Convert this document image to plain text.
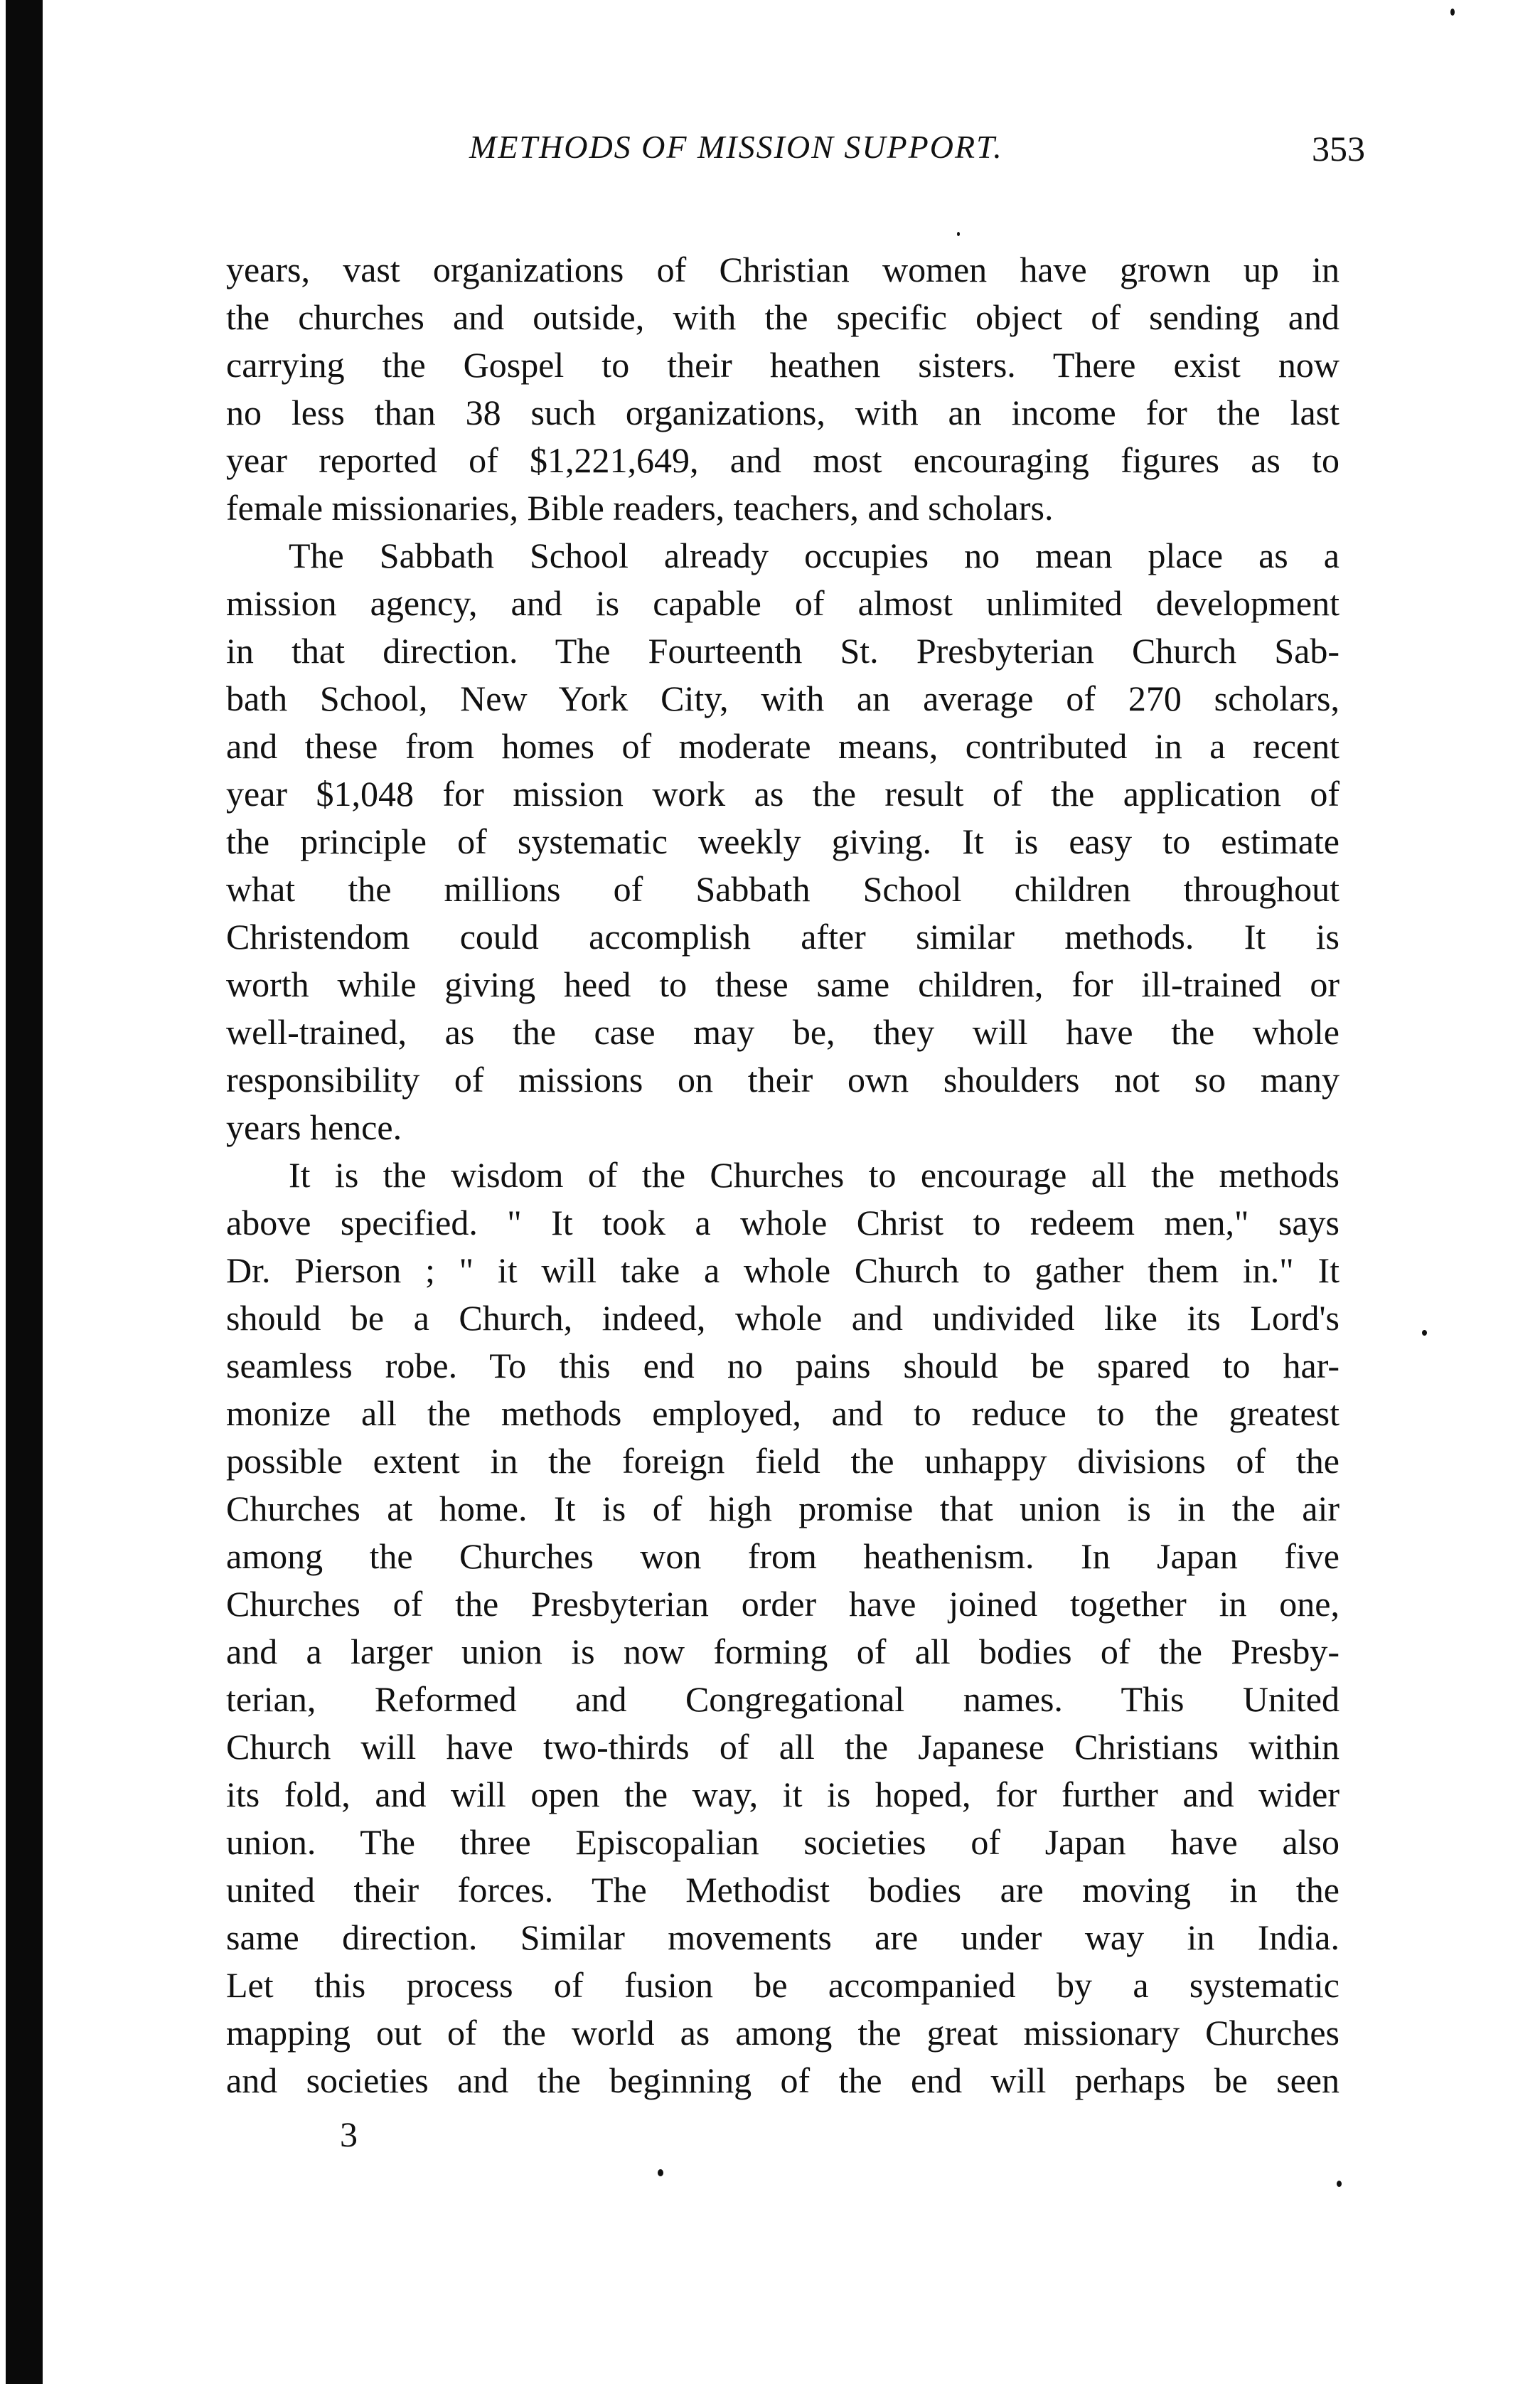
METHODS OF MISSION SUPPORT.	353
years, vast organizations of Christian women have grown up in
the churches and outside, with the specific object of sending and
carrying the Gospel to their heathen sisters. There exist now
no less than 38 such organizations, with an income for the last
year reported of $1,221,649, and most encouraging figures as to
female missionaries, Bible readers, teachers, and scholars.
The Sabbath School already occupies no mean place as a
mission agency, and is capable of almost unlimited development
in that direction. The Fourteenth St. Presbyterian Church Sab-
bath School, New York City, with an average of 270 scholars,
and these from homes of moderate means, contributed in a recent
year $1,048 for mission work as the result of the application of
the principle of systematic weekly giving. It is easy to estimate
what the millions of Sabbath School children throughout
Christendom could accomplish after similar methods. It is
worth while giving heed to these same children, for ill-trained or
well-trained, as the case may be, they will have the whole
responsibility of missions on their own shoulders not so many
years hence.
It is the wisdom of the Churches to encourage all the methods
above specified. " It took a whole Christ to redeem men," says
Dr. Pierson ; " it will take a whole Church to gather them in." It
should be a Church, indeed, whole and undivided like its Lord's
seamless robe. To this end no pains should be spared to har-
monize all the methods employed, and to reduce to the greatest
possible extent in the foreign field the unhappy divisions of the
Churches at home. It is of high promise that union is in the air
among the Churches won from heathenism. In Japan five
Churches of the Presbyterian order have joined together in one,
and a larger union is now forming of all bodies of the Presby-
terian, Reformed and Congregational names. This United
Church will have two-thirds of all the Japanese Christians within
its fold, and will open the way, it is hoped, for further and wider
union. The three Episcopalian societies of Japan have also
united their forces. The Methodist bodies are moving in the
same direction. Similar movements are under way in India.
Let this process of fusion be accompanied by a systematic
mapping out of the world as among the great missionary Churches
and societies and the beginning of the end will perhaps be seen
3
